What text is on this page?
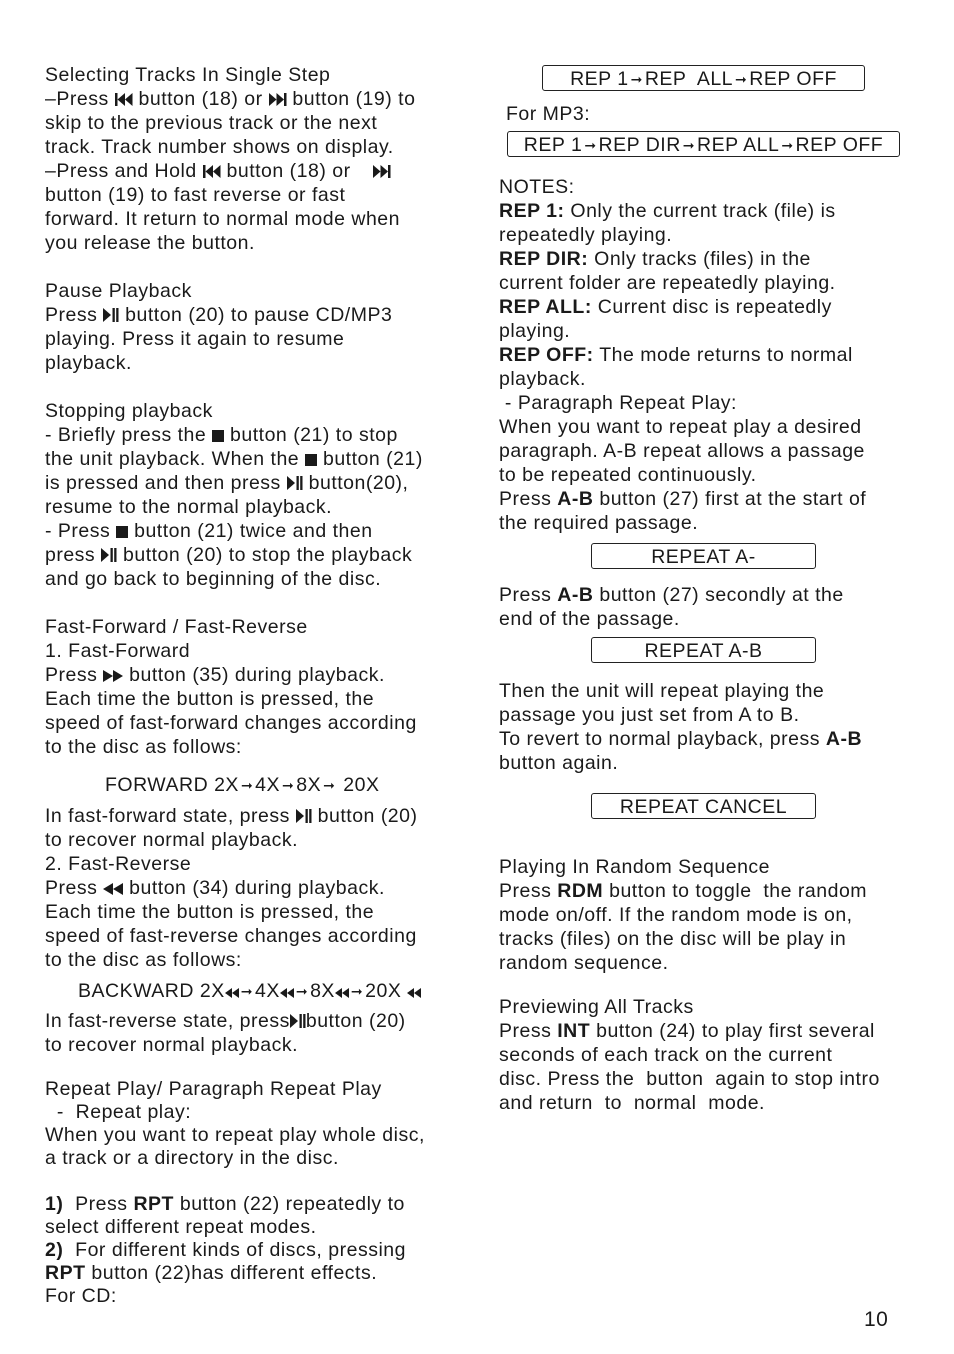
Selecting Tracks In Single Step

–Press  button (18) or  button (19) to

skip to the previous track or the next

track. Track number shows on display.

–Press and Hold  button (18) or

button (19) to fast reverse or fast

forward. It return to normal mode when

you release the button.

Pause Playback

Press  button (20) to pause CD/MP3

playing. Press it again to resume

playback.

Stopping playback

- Briefly press the  button (21) to stop

the unit playback. When the  button (21)

is pressed and then press  button(20),

resume to the normal playback.

- Press  button (21) twice and then

press  button (20) to stop the playback

and go back to beginning of the disc.

Fast-Forward / Fast-Reverse

1. Fast-Forward

Press  button (35) during playback.

Each time the button is pressed, the

speed of fast-forward changes according

to the disc as follows:

FORWARD 2X ➞ 4X ➞ 8X ➞ 20X

In fast-forward state, press  button (20)

to recover normal playback.

2. Fast-Reverse

Press  button (34) during playback.

Each time the button is pressed, the

speed of fast-reverse changes according

to the disc as follows:

BACKWARD 2X ➞ 4X ➞ 8X ➞ 20X

In fast-reverse state, press button (20)

to recover normal playback.

Repeat Play/ Paragraph Repeat Play

-  Repeat play:

When you want to repeat play whole disc,

a track or a directory in the disc.

1)  Press RPT button (22) repeatedly to

select different repeat modes.

2)  For different kinds of discs, pressing

RPT button (22)has different effects.

For CD:

REP 1 ➞ REP  ALL ➞ REP OFF

For MP3:

REP 1 ➞ REP DIR ➞ REP ALL ➞ REP OFF

NOTES:

REP 1: Only the current track (file) is

repeatedly playing.

REP DIR: Only tracks (files) in the

current folder are repeatedly playing.

REP ALL: Current disc is repeatedly

playing.

REP OFF: The mode returns to normal

playback.

- Paragraph Repeat Play:

When you want to repeat play a desired

paragraph. A-B repeat allows a passage

to be repeated continuously.

Press A-B button (27) first at the start of

the required passage.

REPEAT A-

Press A-B button (27) secondly at the

end of the passage.

REPEAT A-B

Then the unit will repeat playing the

passage you just set from A to B.

To revert to normal playback, press A-B

button again.

REPEAT CANCEL

Playing In Random Sequence

Press RDM button to toggle  the random

mode on/off. If the random mode is on,

tracks (files) on the disc will be play in

random sequence.

Previewing All Tracks

Press INT button (24) to play first several

seconds of each track on the current

disc. Press the  button  again to stop intro

and return  to  normal  mode.

10
